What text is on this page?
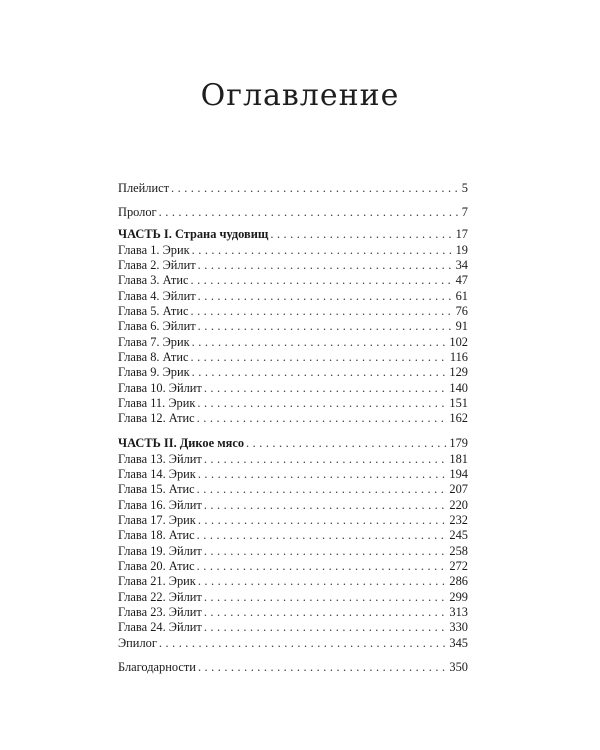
Оглавление
Плейлист . . .	5
Пролог . . .	7
ЧАСТЬ I. Страна чудовищ . . .	17
Глава 1. Эрик . . .	19
Глава 2. Эйлит . . .	34
Глава 3. Атис . . .	47
Глава 4. Эйлит . . .	61
Глава 5. Атис . . .	76
Глава 6. Эйлит . . .	91
Глава 7. Эрик . . .	102
Глава 8. Атис . . .	116
Глава 9. Эрик . . .	129
Глава 10. Эйлит . . .	140
Глава 11. Эрик . . .	151
Глава 12. Атис . . .	162
ЧАСТЬ II. Дикое мясо . . .	179
Глава 13. Эйлит . . .	181
Глава 14. Эрик . . .	194
Глава 15. Атис . . .	207
Глава 16. Эйлит . . .	220
Глава 17. Эрик . . .	232
Глава 18. Атис . . .	245
Глава 19. Эйлит . . .	258
Глава 20. Атис . . .	272
Глава 21. Эрик . . .	286
Глава 22. Эйлит . . .	299
Глава 23. Эйлит . . .	313
Глава 24. Эйлит . . .	330
Эпилог . . .	345
Благодарности . . .	350
